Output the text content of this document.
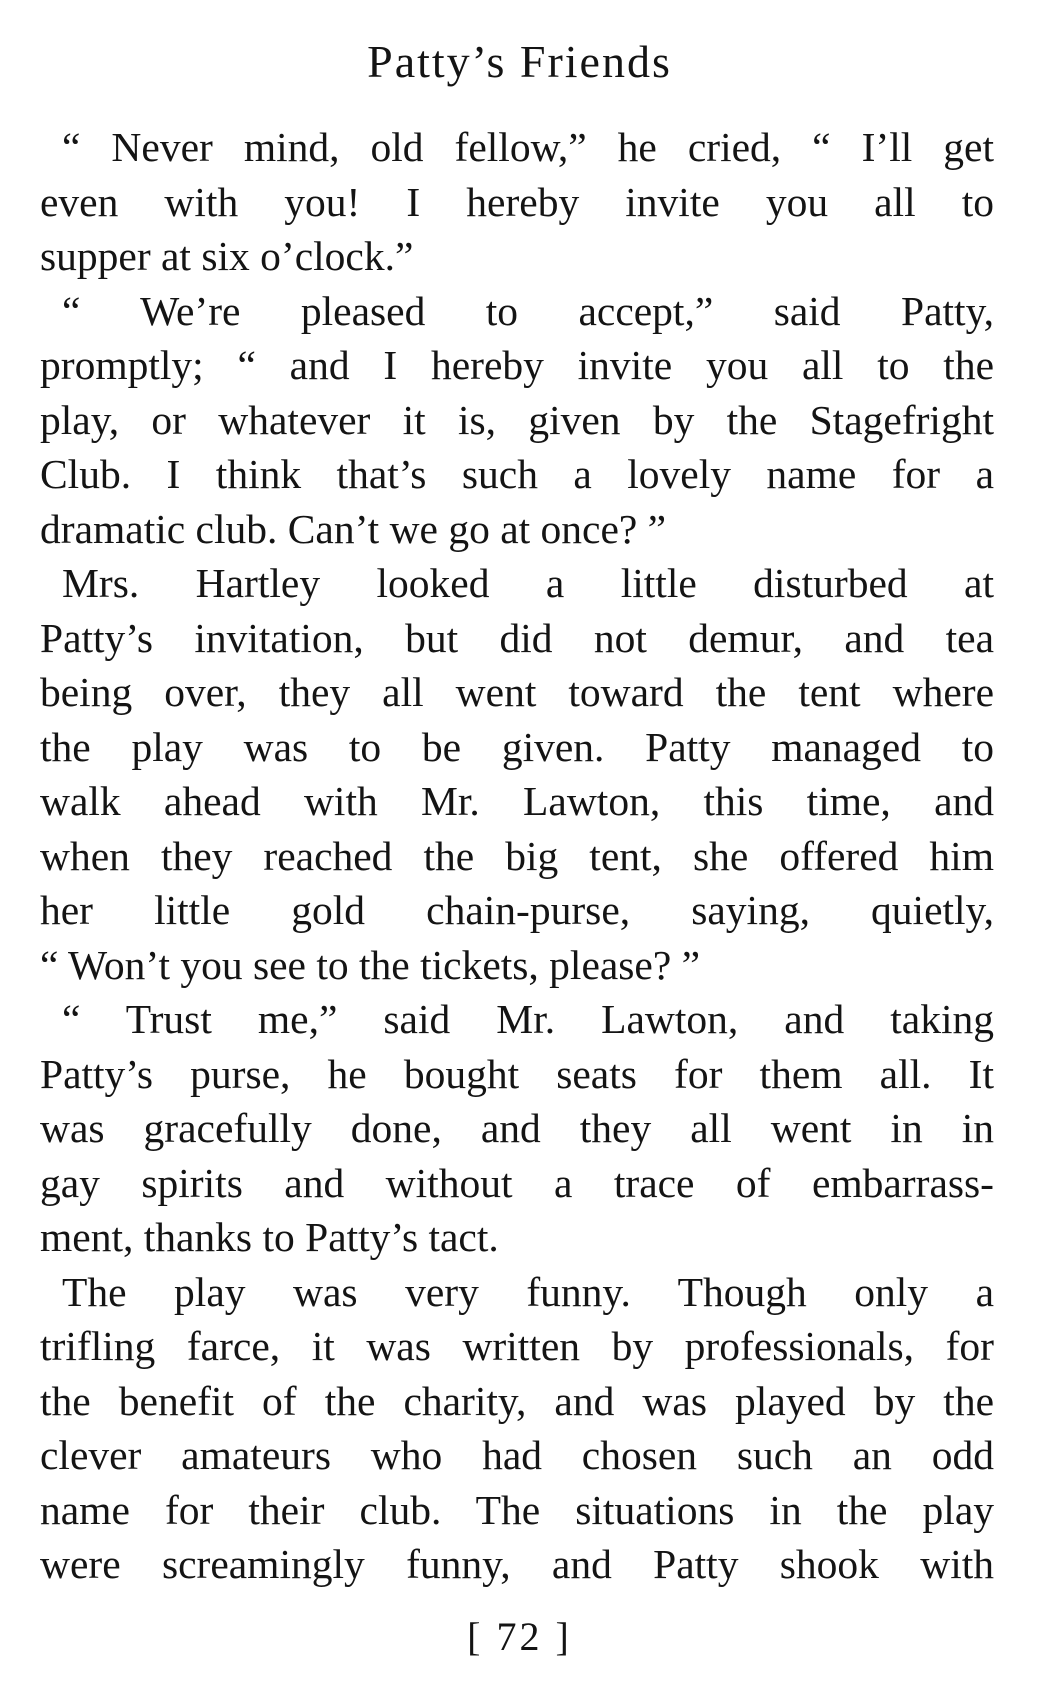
Patty’s Friends

“ Never mind, old fellow,” he cried, “ I’ll get
even with you! I hereby invite you all to
supper at six o’clock.”

“ We’re pleased to accept,” said Patty,
promptly; “ and I hereby invite you all to the
play, or whatever it is, given by the Stagefright
Club. I think that’s such a lovely name for a
dramatic club. Can’t we go at once? ”

Mrs. Hartley looked a little disturbed at
Patty’s invitation, but did not demur, and tea
being over, they all went toward the tent where
the play was to be given. Patty managed to
walk ahead with Mr. Lawton, this time, and
when they reached the big tent, she offered him
her little gold chain-purse, saying, quietly,
“ Won’t you see to the tickets, please? ”

“ Trust me,” said Mr. Lawton, and taking
Patty’s purse, he bought seats for them all. It
was gracefully done, and they all went in in
gay spirits and without a trace of embarrass-
ment, thanks to Patty’s tact.

The play was very funny. Though only a
trifling farce, it was written by professionals, for
the benefit of the charity, and was played by the
clever amateurs who had chosen such an odd
name for their club. The situations in the play
were screamingly funny, and Patty shook with

[ 72 ]
